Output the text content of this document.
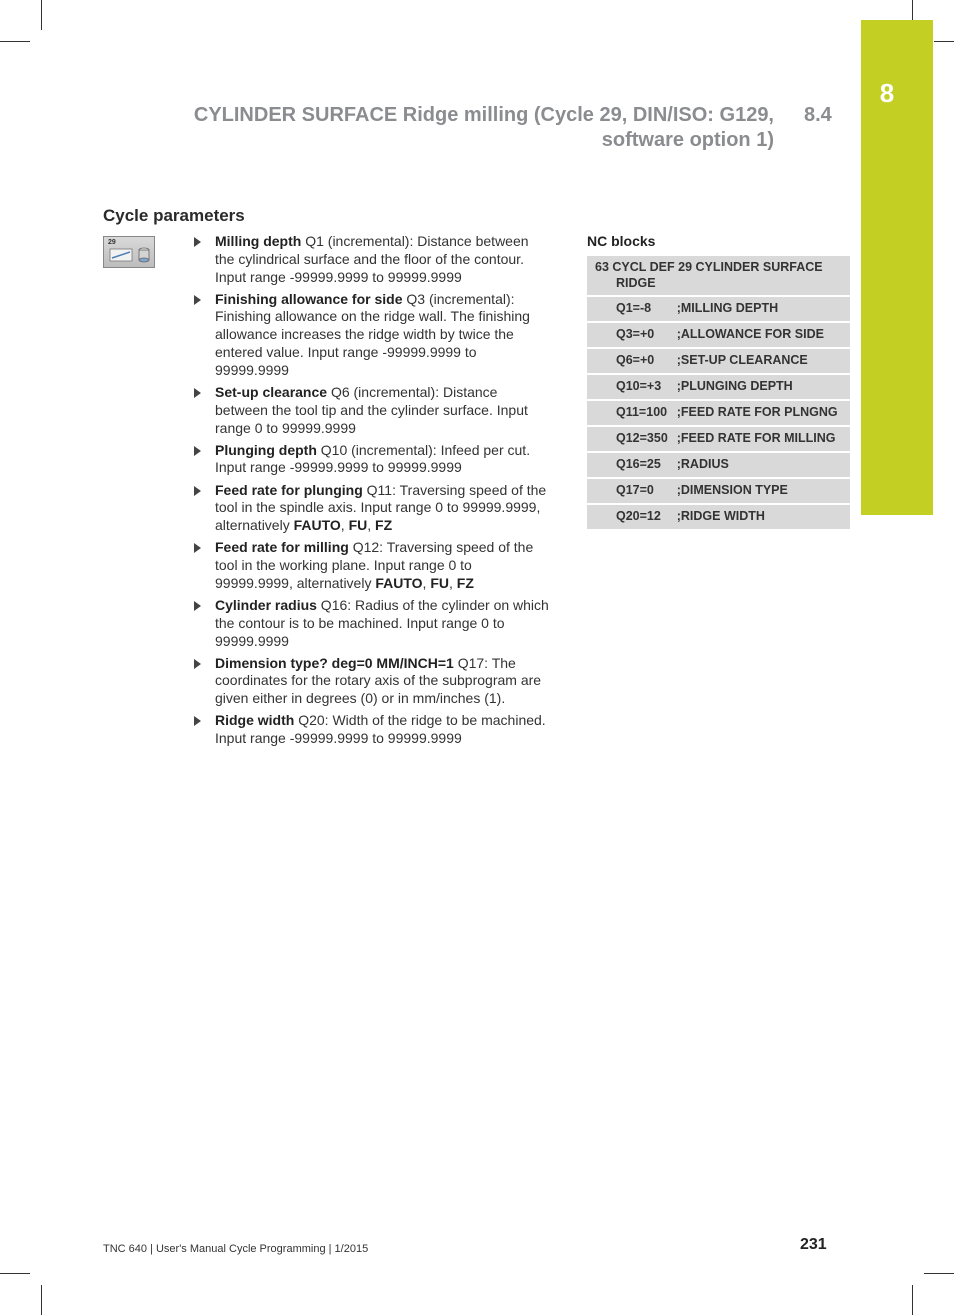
8
CYLINDER SURFACE Ridge milling (Cycle 29, DIN/ISO: G129,
software option 1)
8.4
Cycle parameters
29	Milling depth Q1 (incremental): Distance between the cylindrical surface and the floor of the contour. Input range -99999.9999 to 99999.9999
Finishing allowance for side Q3 (incremental): Finishing allowance on the ridge wall. The finishing allowance increases the ridge width by twice the entered value. Input range -99999.9999 to 99999.9999
Set-up clearance Q6 (incremental): Distance between the tool tip and the cylinder surface. Input range 0 to 99999.9999
Plunging depth Q10 (incremental): Infeed per cut. Input range -99999.9999 to 99999.9999
Feed rate for plunging Q11: Traversing speed of the tool in the spindle axis. Input range 0 to 99999.9999, alternatively FAUTO, FU, FZ
Feed rate for milling Q12: Traversing speed of the tool in the working plane. Input range 0 to 99999.9999, alternatively FAUTO, FU, FZ
Cylinder radius Q16: Radius of the cylinder on which the contour is to be machined. Input range 0 to 99999.9999
Dimension type? deg=0 MM/INCH=1 Q17: The coordinates for the rotary axis of the subprogram are given either in degrees (0) or in mm/inches (1).
Ridge width Q20: Width of the ridge to be machined. Input range -99999.9999 to 99999.9999
NC blocks
63 CYCL DEF 29 CYLINDER SURFACE
RIDGE	

Q1=-8	;MILLING DEPTH
Q3=+0	;ALLOWANCE FOR SIDE
Q6=+0	;SET-UP CLEARANCE
Q10=+3	;PLUNGING DEPTH
Q11=100	;FEED RATE FOR PLNGNG
Q12=350	;FEED RATE FOR MILLING
Q16=25	;RADIUS
Q17=0	;DIMENSION TYPE
Q20=12	;RIDGE WIDTH
TNC 640 | User's Manual Cycle Programming | 1/2015	231
